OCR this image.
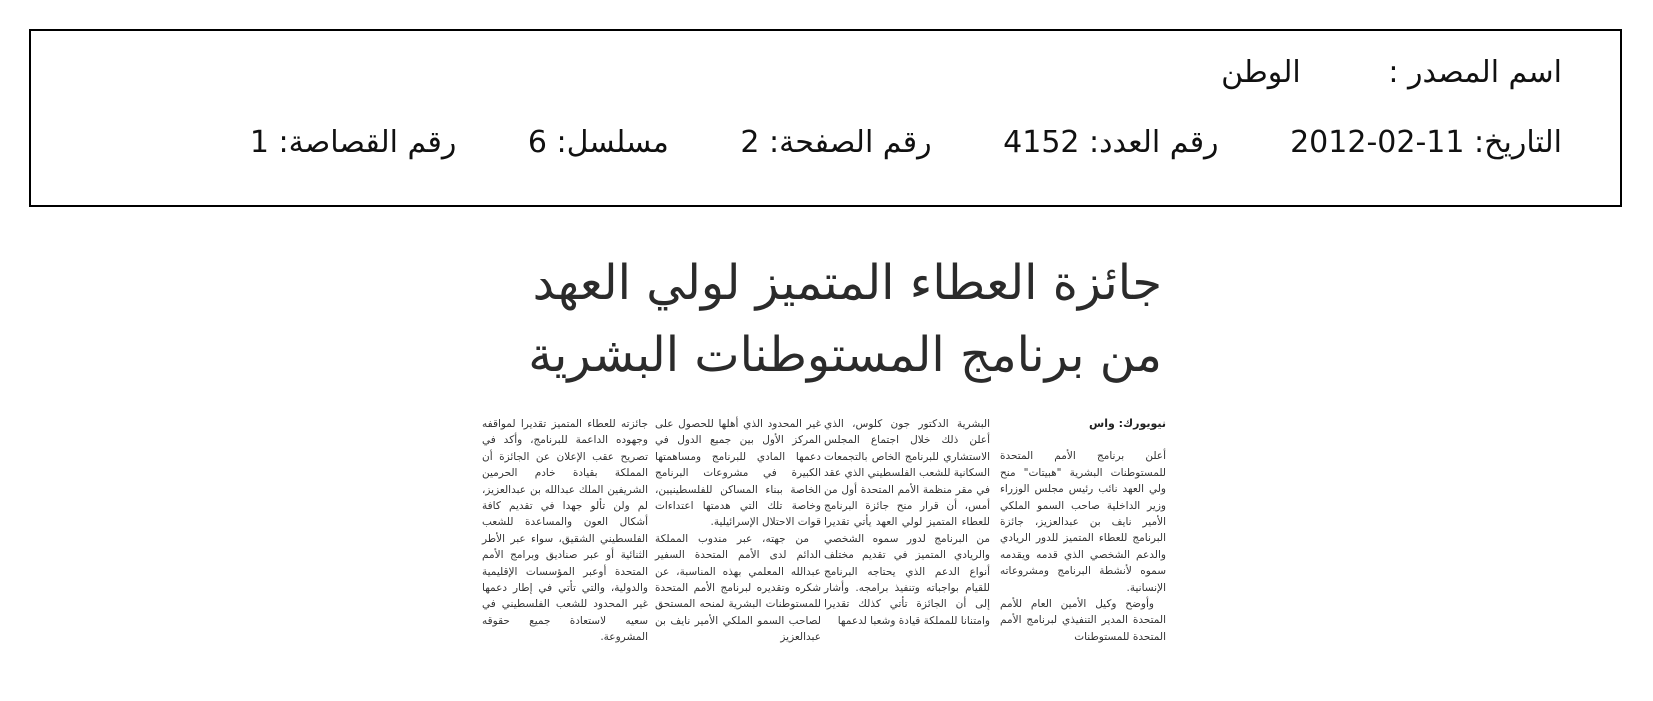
اسم المصدر : الوطن
التاريخ: 11-02-2012 رقم العدد: 4152 رقم الصفحة: 2 مسلسل: 6 رقم القصاصة: 1
جائزة العطاء المتميز لولي العهد
من برنامج المستوطنات البشرية

نيويورك: واس

أعلن برنامج الأمم المتحدة للمستوطنات البشرية "هبيتات" منح ولي العهد نائب رئيس مجلس الوزراء وزير الداخلية صاحب السمو الملكي الأمير نايف بن عبدالعزيز، جائزة البرنامج للعطاء المتميز للدور الريادي والدعم الشخصي الذي قدمه ويقدمه سموه لأنشطة البرنامج ومشروعاته الإنسانية.

وأوضح وكيل الأمين العام للأمم المتحدة المدير التنفيذي لبرنامج الأمم المتحدة للمستوطنات

البشرية الدكتور جون كلوس، الذي أعلن ذلك خلال اجتماع المجلس الاستشاري للبرنامج الخاص بالتجمعات السكانية للشعب الفلسطيني الذي عقد في مقر منظمة الأمم المتحدة أول من أمس، أن قرار منح جائزة البرنامج للعطاء المتميز لولي العهد يأتي تقديرا من البرنامج لدور سموه الشخصي والريادي المتميز في تقديم مختلف أنواع الدعم الذي يحتاجه البرنامج للقيام بواجباته وتنفيذ برامجه. وأشار إلى أن الجائزة تأتي كذلك تقديرا وامتنانا للمملكة قيادة وشعبا لدعمها

غير المحدود الذي أهلها للحصول على المركز الأول بين جميع الدول في دعمها المادي للبرنامج ومساهمتها الكبيرة في مشروعات البرنامج الخاصة ببناء المساكن للفلسطينيين، وخاصة تلك التي هدمتها اعتداءات قوات الاحتلال الإسرائيلية.

من جهته، عبر مندوب المملكة الدائم لدى الأمم المتحدة السفير عبدالله المعلمي بهذه المناسبة، عن شكره وتقديره لبرنامج الأمم المتحدة للمستوطنات البشرية لمنحه المستحق لصاحب السمو الملكي الأمير نايف بن عبدالعزيز

جائزته للعطاء المتميز تقديرا لمواقفه وجهوده الداعمة للبرنامج، وأكد في تصريح عقب الإعلان عن الجائزة أن المملكة بقيادة خادم الحرمين الشريفين الملك عبدالله بن عبدالعزيز، لم ولن تألو جهدا في تقديم كافة أشكال العون والمساعدة للشعب الفلسطيني الشقيق، سواء عبر الأطر الثنائية أو عبر صناديق وبرامج الأمم المتحدة أوعبر المؤسسات الإقليمية والدولية، والتي تأتي في إطار دعمها غير المحدود للشعب الفلسطيني في سعيه لاستعادة جميع حقوقه المشروعة.
